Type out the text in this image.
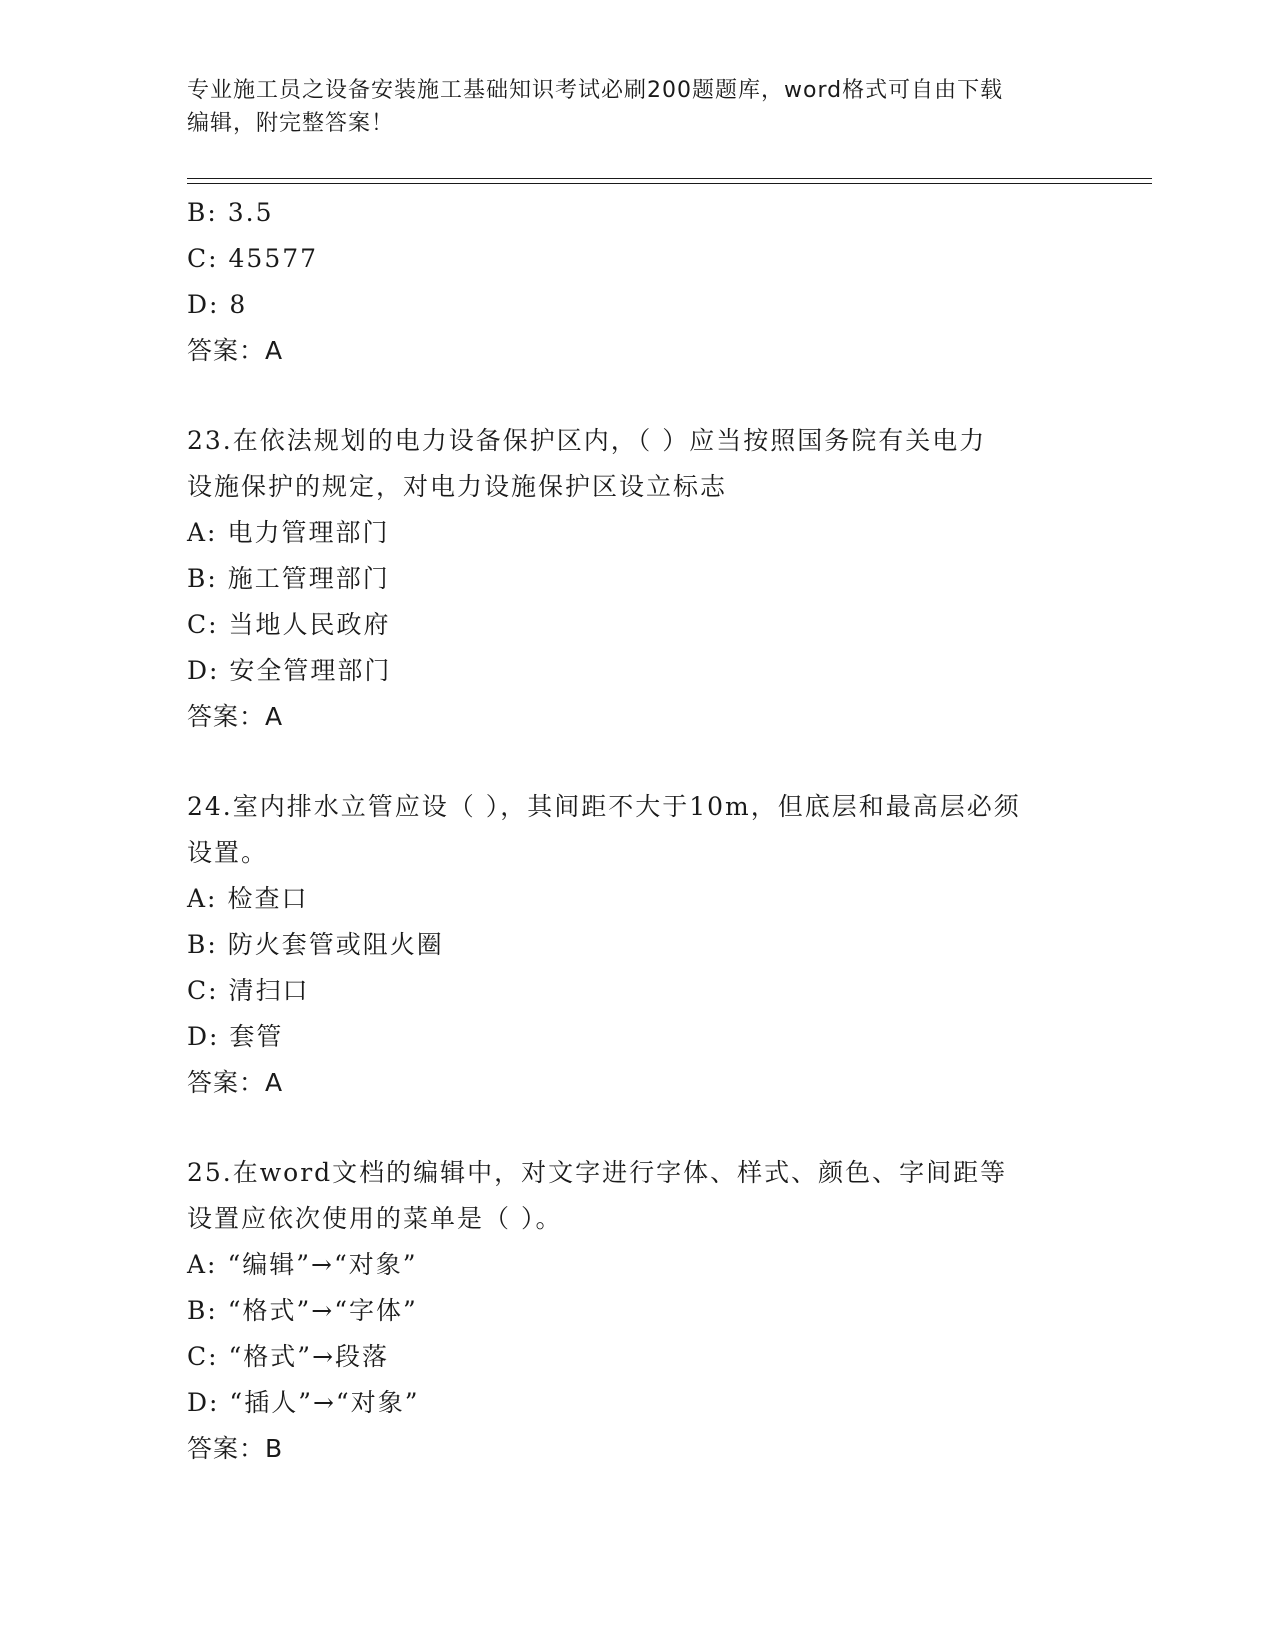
专业施工员之设备安装施工基础知识考试必刷200题题库，word格式可自由下载
编辑，附完整答案！
B: 3.5
C: 45577
D: 8
答案：A
23.在依法规划的电力设备保护区内，（ ）应当按照国务院有关电力
设施保护的规定，对电力设施保护区设立标志
A: 电力管理部门
B: 施工管理部门
C: 当地人民政府
D: 安全管理部门
答案：A
24.室内排水立管应设（ ），其间距不大于10m，但底层和最高层必须
设置。
A: 检查口
B: 防火套管或阻火圈
C: 清扫口
D: 套管
答案：A
25.在word文档的编辑中，对文字进行字体、样式、颜色、字间距等
设置应依次使用的菜单是（ ）。
A: “编辑”→“对象”
B: “格式”→“字体”
C: “格式”→段落
D: “插人”→“对象”
答案：B
